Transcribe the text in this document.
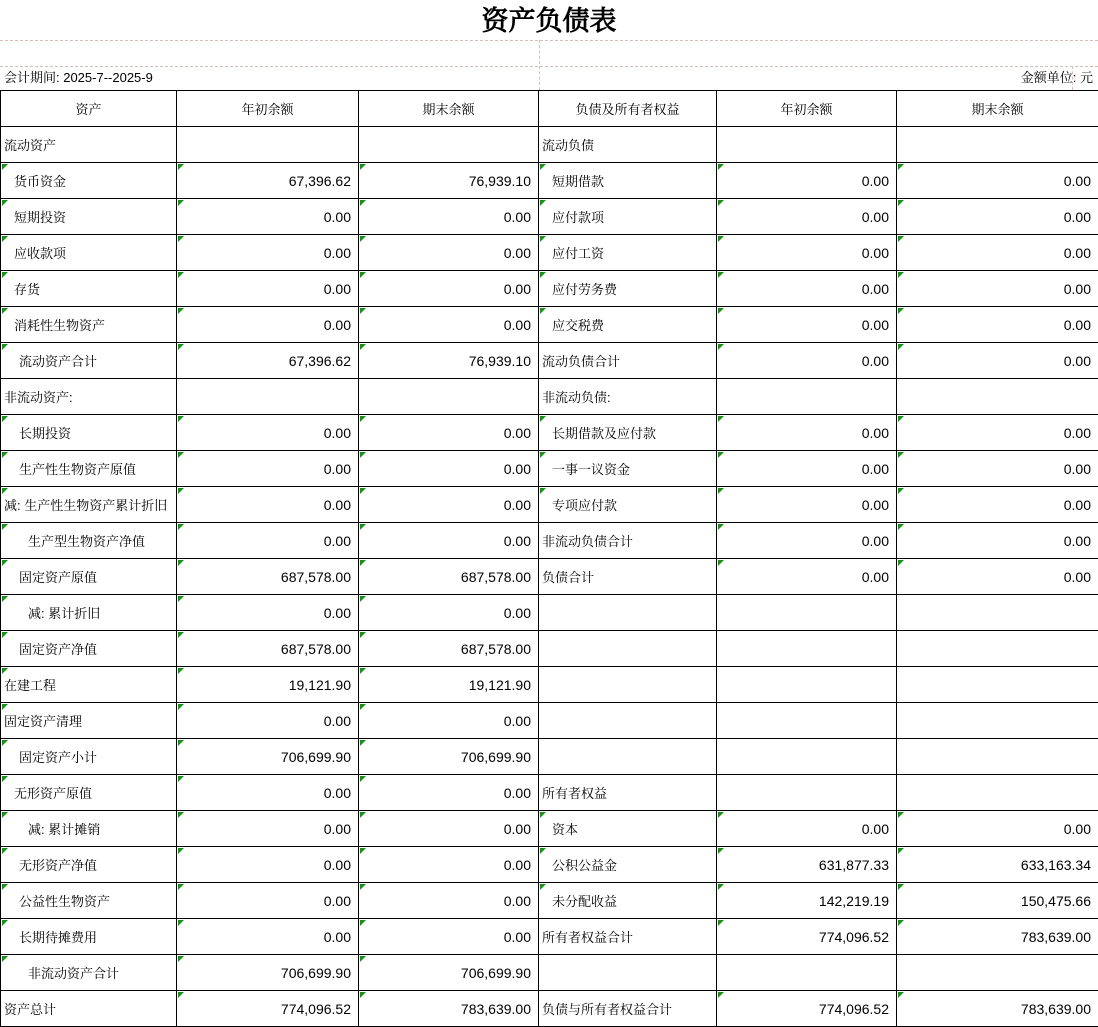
资产负债表
会计期间: 2025-7--2025-9	金额单位: 元
资产	年初余额	期末余额	负债及所有者权益	年初余额	期末余额
流动资产			流动负债		
货币资金	67,396.62	76,939.10	短期借款	0.00	0.00

短期投资	0.00	0.00	应付款项	0.00	0.00

应收款项	0.00	0.00	应付工资	0.00	0.00

存货	0.00	0.00	应付劳务费	0.00	0.00

消耗性生物资产	0.00	0.00	应交税费	0.00	0.00

流动资产合计	67,396.62	76,939.10	流动负债合计	0.00	0.00

非流动资产:			非流动负债:		
长期投资	0.00	0.00	长期借款及应付款	0.00	0.00

生产性生物资产原值	0.00	0.00	一事一议资金	0.00	0.00

减: 生产性生物资产累计折旧	0.00	0.00	专项应付款	0.00	0.00

生产型生物资产净值	0.00	0.00	非流动负债合计	0.00	0.00

固定资产原值	687,578.00	687,578.00	负债合计	0.00	0.00

减: 累计折旧	0.00	0.00

固定资产净值	687,578.00	687,578.00

在建工程	19,121.90	19,121.90

固定资产清理	0.00	0.00

固定资产小计	706,699.90	706,699.90

无形资产原值	0.00	0.00	所有者权益		
减: 累计摊销	0.00	0.00	资本	0.00	0.00

无形资产净值	0.00	0.00	公积公益金	631,877.33	633,163.34

公益性生物资产	0.00	0.00	未分配收益	142,219.19	150,475.66

长期待摊费用	0.00	0.00	所有者权益合计	774,096.52	783,639.00

非流动资产合计	706,699.90	706,699.90

资产总计	774,096.52	783,639.00	负债与所有者权益合计	774,096.52	783,639.00
